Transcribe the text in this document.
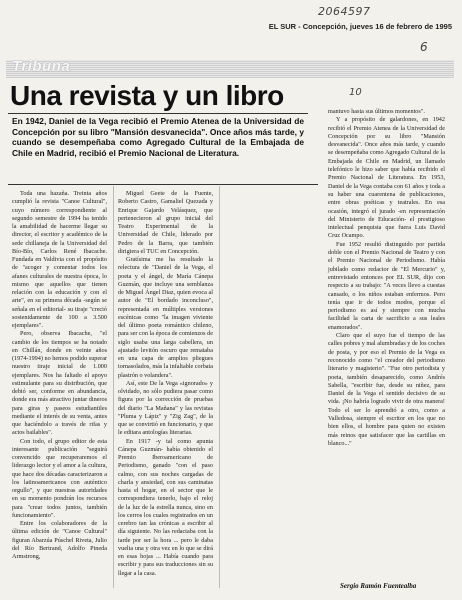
2064597
6
10
EL SUR - Concepción, jueves 16 de febrero de 1995
Tribuna
Una revista y un libro
En 1942, Daniel de la Vega recibió el Premio Atenea de la Universidad de Concepción por su libro "Mansión desvanecida". Once años más tarde, y cuando se desempeñaba como Agregado Cultural de la Embajada de Chile en Madrid, recibió el Premio Nacional de Literatura.

Toda una hazaña. Treinta años cumplió la revista "Canoe Cultural", cuyo número correspondiente al segundo semestre de 1994 ha tenido la amabilidad de hacerme llegar su director, el escritor y académico de la sede chillaneja de la Universidad del Bío-Bío, Carlos René Ibacache. Fundada en Valdivia con el propósito de "acoger y comentar todos los afanes culturales de nuestra época, lo mismo que aquellos que tienen relación con la educación y con el arte", en su primera década -según se señala en el editorial- su tiraje "creció sostenidamente de 100 a 3.500 ejemplares".

Pero, observa Ibacache, "el cambio de los tiempos se ha notado en Chillán, donde en veinte años (1974-1994) no hemos podido superar nuestro tiraje inicial de 1.000 ejemplares. Nos ha faltado el apoyo estimulante para su distribución, que debió ser, conforme en abundancia, donde era más atractivo juntar dineros para giras y paseos estudiantiles mediante el interés de su venta, antes que haciéndolo a través de rifas y actos bailables".

Con todo, el grupo editor de esta interesante publicación "seguirá convencido que recuperaremos el liderazgo lector y el amor a la cultura, que hace dos décadas caracterizaron a los latinoamericanos con auténtico orgullo", y que nuestras autoridades en su momento pondrán los recursos para "crear todos juntos, también funcionamiento".

Entre los colaboradores de la última edición de "Canoe Cultural" figuran Abarzúa Púschel Riveta, Julio del Río Bertrand, Adolfo Pineda Armstrong,

Miguel Geete de la Fuente, Roberto Castro, Gamaliel Quezada y Enrique Gajardo Velásquez, que pertenecieron al grupo inicial del Teatro Experimental de la Universidad de Chile, liderado por Pedro de la Barra, que también dirigiera el TUC en Concepción.

Gratísima me ha resultado la relectura de "Daniel de la Vega, el poeta y el ángel, de María Cánepa Guzmán, que incluye una semblanza de Miguel Ángel Diaz, quien evoca al autor de "El bordado inconcluso", representada en múltiples versiones escénicas como "la imagen viviente del último poeta romántico chileno, para ser con la época de comienzos de siglo usaba una larga cabellera, un ajustado levitón oscuro que remataba en una capa de amplios pliegues tornasolados, más la infaltable corbata plastrón o volandera".

Así, este De la Vega «ignorado» y olvidado, no sólo pudiera pasar como figura por la corrección de pruebas del diario "La Mañana" y las revistas "Pluma y Lápiz" y "Zig Zag", de la que se convirtió en funcionario, y que le editara antologías literarias.

En 1917 -y tal como apunta Cánepa Guzmán- había obtenido el Premio Iberoamericano de Periodismo, ganado "con el paso calmo, con sus noches cargadas de charla y ansiedad, con sus caminatas hasta el hogar, en el sector que le correspondiera tenerlo, bajo el reloj de la luz de la estrella nunca, sino en los cerros los cuales registrados en un cerebro tan las crónicas a escribir al día siguiente. No las redactaba con la tarde por ser la hora ... pero le daba vuelta una y otra vez en lo que se dirá en esas hojas ... Había cuando para escribir y para sus traducciones sin su llegar a la casa.

mantuvo hasta sus últimos momentos".

Y a propósito de galardones, en 1942 recibió el Premio Atenea de la Universidad de Concepción por su libro "Mansión desvanecida". Once años más tarde, y cuando se desempeñaba como Agregado Cultural de la Embajada de Chile en Madrid, un llamado telefónico le hizo saber que había recibido el Premio Nacional de Literatura. En 1953, Daniel de la Vega contaba con 61 años y toda a su haber una cuarentena de publicaciones, entre obras poéticas y teatrales. En esa ocasión, integró el jurado -en representación del Ministerio de Educación- el prestigioso intelectual penquista que fuera Luis David Cruz Ocampo.

Fue 1952 resultó distinguido por partida doble con el Premio Nacional de Teatro y con el Premio Nacional de Periodismo. Había jubilado como redactor de "El Mercurio" y, entrevistado entonces por EL SUR, dijo con respecto a su trabajo: "A veces llevo a cuestas cansado, o los niños estaban enfermos. Pero tenía que ir de todos modos, porque el periodismo es así y siempre con mucha facilidad la carta de sacrificio a sus leales enamorados".

Claro que el suyo fue el tiempo de las calles pobres y mal alumbradas y de los coches de posta, y por eso el Premio de la Vega es reconocido como "el creador del periodismo literario y magisterio". "Fue otro periodista y poeta, también desaparecido, como Andrés Sabella, "escribir fue, desde su niñez, para Daniel de la Vega el sentido decisivo de su vida. ¡No habría logrado vivir de otra manera! Todo el ser lo aprendió a otro, como a Valledosa, siempre el escritor en los que no bien ellos, el hombre para quien no existen más reinos que satisfacer que las cartillas en blanco..."

Sergio Ramón Fuentealba
